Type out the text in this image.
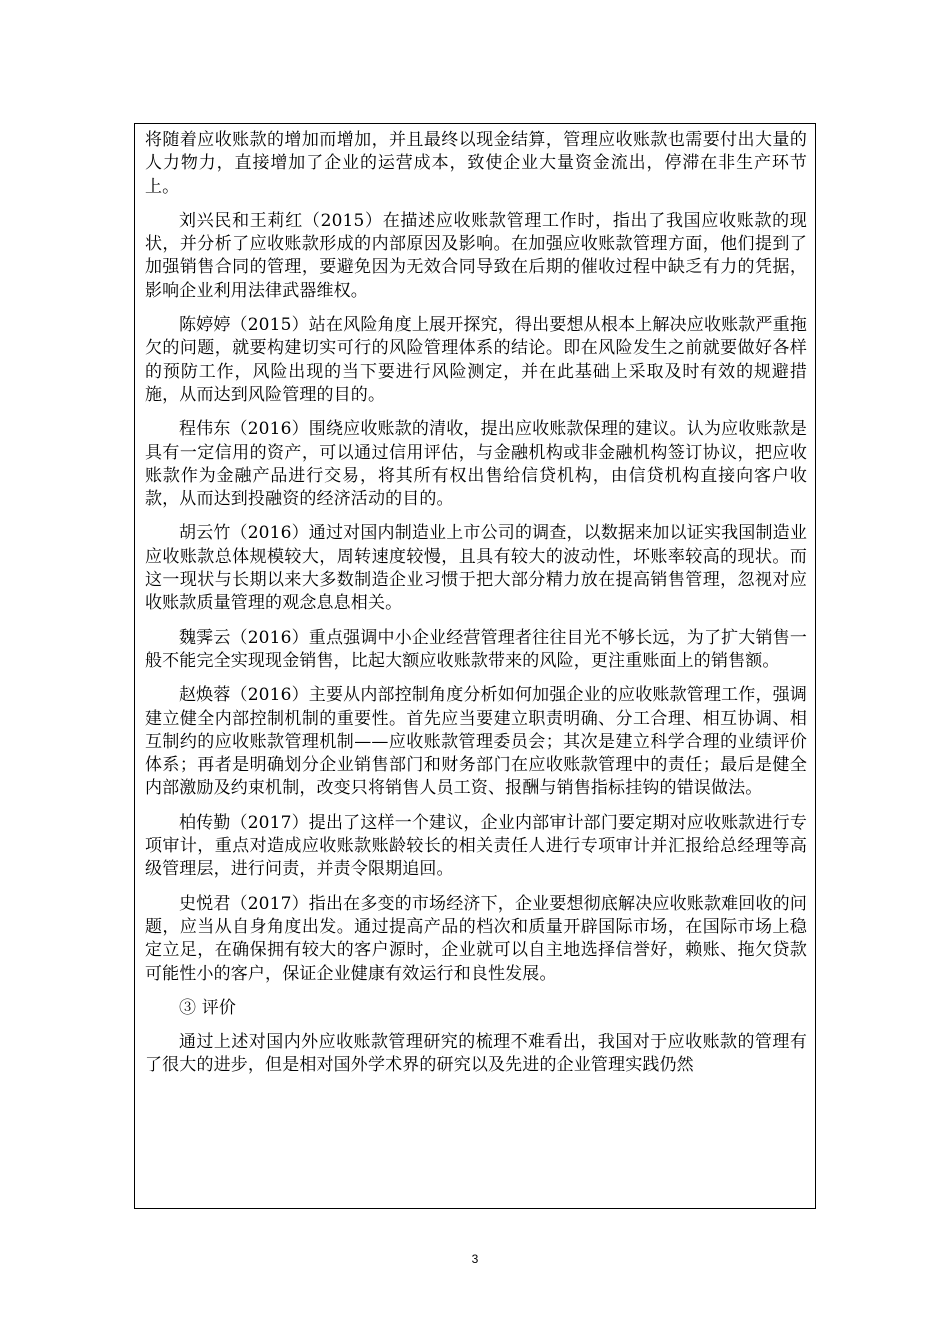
将随着应收账款的增加而增加，并且最终以现金结算，管理应收账款也需要付出大量的人力物力，直接增加了企业的运营成本，致使企业大量资金流出，停滞在非生产环节上。

刘兴民和王莉红（2015）在描述应收账款管理工作时，指出了我国应收账款的现状，并分析了应收账款形成的内部原因及影响。在加强应收账款管理方面，他们提到了加强销售合同的管理，要避免因为无效合同导致在后期的催收过程中缺乏有力的凭据，影响企业利用法律武器维权。

陈婷婷（2015）站在风险角度上展开探究，得出要想从根本上解决应收账款严重拖欠的问题，就要构建切实可行的风险管理体系的结论。即在风险发生之前就要做好各样的预防工作，风险出现的当下要进行风险测定，并在此基础上采取及时有效的规避措施，从而达到风险管理的目的。

程伟东（2016）围绕应收账款的清收，提出应收账款保理的建议。认为应收账款是具有一定信用的资产，可以通过信用评估，与金融机构或非金融机构签订协议，把应收账款作为金融产品进行交易，将其所有权出售给信贷机构，由信贷机构直接向客户收款，从而达到投融资的经济活动的目的。

胡云竹（2016）通过对国内制造业上市公司的调查，以数据来加以证实我国制造业应收账款总体规模较大，周转速度较慢，且具有较大的波动性，坏账率较高的现状。而这一现状与长期以来大多数制造企业习惯于把大部分精力放在提高销售管理，忽视对应收账款质量管理的观念息息相关。

魏霁云（2016）重点强调中小企业经营管理者往往目光不够长远，为了扩大销售一般不能完全实现现金销售，比起大额应收账款带来的风险，更注重账面上的销售额。

赵焕蓉（2016）主要从内部控制角度分析如何加强企业的应收账款管理工作，强调建立健全内部控制机制的重要性。首先应当要建立职责明确、分工合理、相互协调、相互制约的应收账款管理机制——应收账款管理委员会；其次是建立科学合理的业绩评价体系；再者是明确划分企业销售部门和财务部门在应收账款管理中的责任；最后是健全内部激励及约束机制，改变只将销售人员工资、报酬与销售指标挂钩的错误做法。

柏传勤（2017）提出了这样一个建议，企业内部审计部门要定期对应收账款进行专项审计，重点对造成应收账款账龄较长的相关责任人进行专项审计并汇报给总经理等高级管理层，进行问责，并责令限期追回。

史悦君（2017）指出在多变的市场经济下，企业要想彻底解决应收账款难回收的问题，应当从自身角度出发。通过提高产品的档次和质量开辟国际市场，在国际市场上稳定立足，在确保拥有较大的客户源时，企业就可以自主地选择信誉好，赖账、拖欠贷款可能性小的客户，保证企业健康有效运行和良性发展。

③ 评价

通过上述对国内外应收账款管理研究的梳理不难看出，我国对于应收账款的管理有了很大的进步，但是相对国外学术界的研究以及先进的企业管理实践仍然

3
